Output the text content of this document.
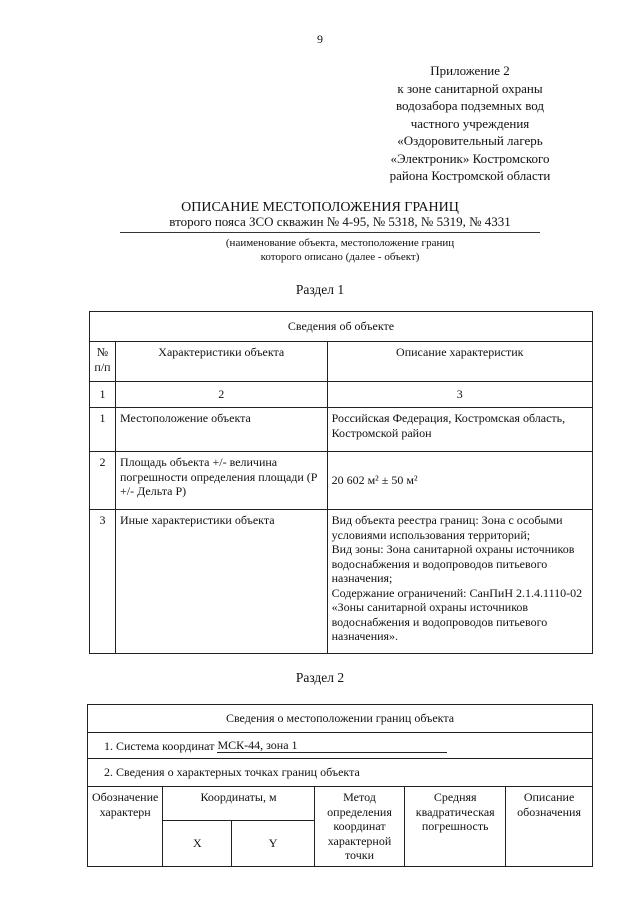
9
Приложение 2
к зоне санитарной охраны
водозабора подземных вод
частного учреждения
«Оздоровительный лагерь
«Электроник» Костромского
района Костромской области
ОПИСАНИЕ МЕСТОПОЛОЖЕНИЯ ГРАНИЦ
второго пояса ЗСО скважин № 4-95, № 5318, № 5319, № 4331
(наименование объекта, местоположение границ
которого описано (далее - объект)
Раздел 1
Сведения об объекте		
№ п/п	Характеристики объекта	Описание характеристик
1	2	3
1	Местоположение объекта	Российская Федерация, Костромская область, Костромской район
2	Площадь объекта +/- величина погрешности определения площади (Р +/- Дельта Р)	20 602 м² ± 50 м²
3	Иные характеристики объекта	Вид объекта реестра границ: Зона с особыми условиями использования территорий;
Вид зоны: Зона санитарной охраны источников водоснабжения и водопроводов питьевого назначения;
Содержание ограничений: СанПиН 2.1.4.1110-02 «Зоны санитарной охраны источников водоснабжения и водопроводов питьевого назначения».
Раздел 2
Сведения о местоположении границ объекта					
1. Система координат МСК-44, зона 1					
2. Сведения о характерных точках границ объекта					
Обозначение характерн	Координаты, м		Метод определения координат характерной точки	Средняя квадратическая погрешность	Описание обозначения
	X	Y			
